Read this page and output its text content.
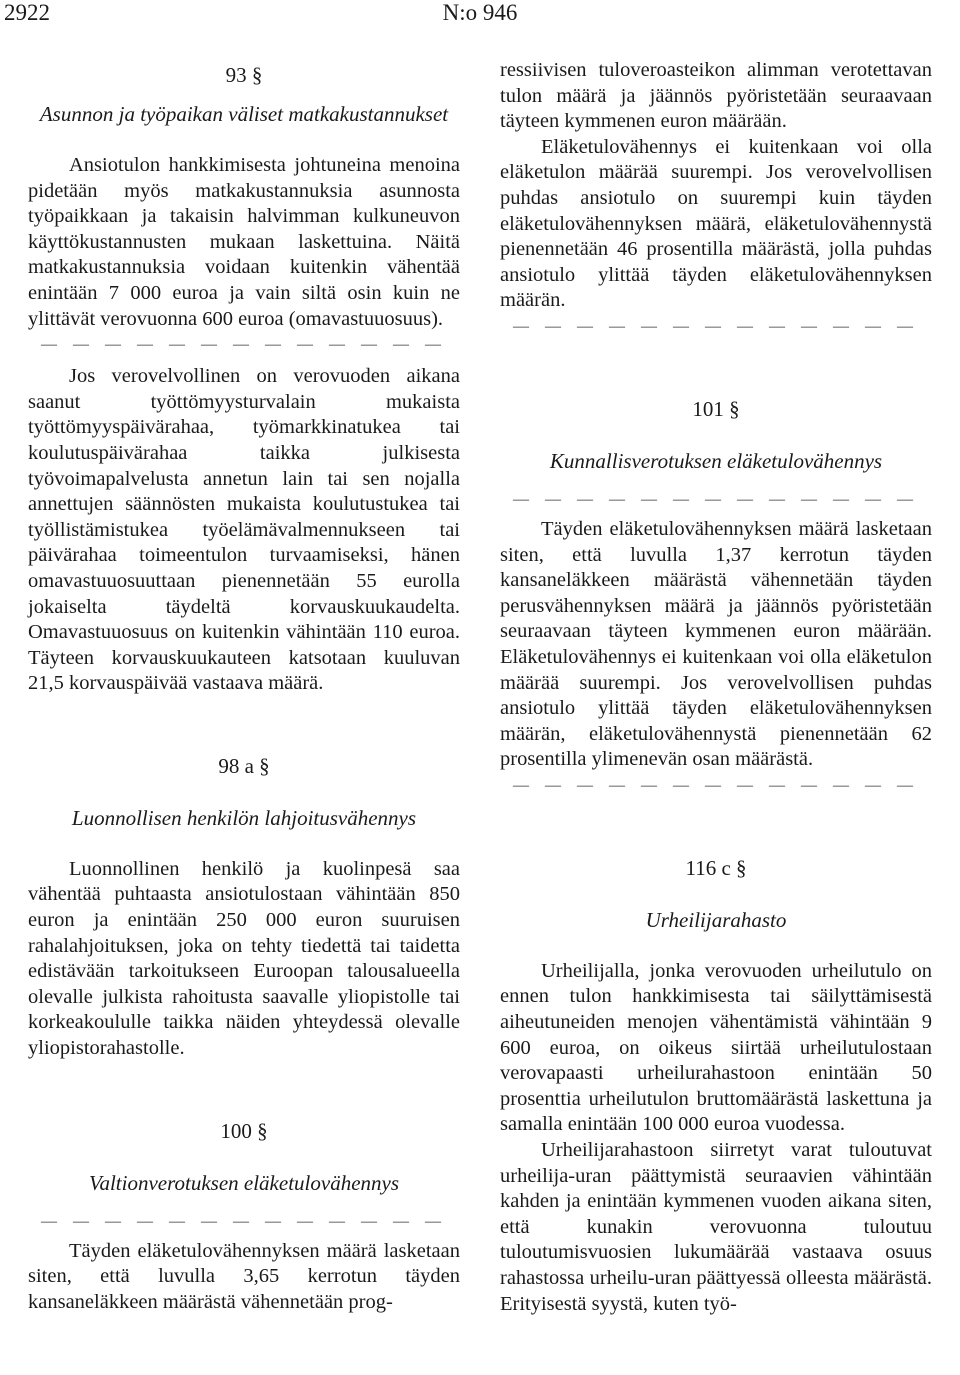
2922	N:o 946
93 §
Asunnon ja työpaikan väliset matkakustannukset

Ansiotulon hankkimisesta johtuneina menoina pidetään myös matkakustannuksia asunnosta työpaikkaan ja takaisin halvimman kulkuneuvon käyttökustannusten mukaan laskettuina. Näitä matkakustannuksia voidaan kuitenkin vähentää enintään 7 000 euroa ja vain siltä osin kuin ne ylittävät verovuonna 600 euroa (omavastuuosuus).

— — — — — — — — — — — — —

Jos verovelvollinen on verovuoden aikana saanut työttömyysturvalain mukaista työttömyyspäivärahaa, työmarkkinatukea tai koulutuspäivärahaa taikka julkisesta työvoimapalvelusta annetun lain tai sen nojalla annettujen säännösten mukaista koulutustukea tai työllistämistukea työelämävalmennukseen tai päivärahaa toimeentulon turvaamiseksi, hänen omavastuuosuuttaan pienennetään 55 eurolla jokaiselta täydeltä korvauskuukaudelta. Omavastuuosuus on kuitenkin vähintään 110 euroa. Täyteen korvauskuukauteen katsotaan kuuluvan 21,5 korvauspäivää vastaava määrä.

98 a §
Luonnollisen henkilön lahjoitusvähennys

Luonnollinen henkilö ja kuolinpesä saa vähentää puhtaasta ansiotulostaan vähintään 850 euron ja enintään 250 000 euron suuruisen rahalahjoituksen, joka on tehty tiedettä tai taidetta edistävään tarkoitukseen Euroopan talousalueella olevalle julkista rahoitusta saavalle yliopistolle tai korkeakoululle taikka näiden yhteydessä olevalle yliopistorahastolle.

100 §
Valtionverotuksen eläketulovähennys
— — — — — — — — — — — — —

Täyden eläketulovähennyksen määrä lasketaan siten, että luvulla 3,65 kerrotun täyden kansaneläkkeen määrästä vähennetään prog-

ressiivisen tuloveroasteikon alimman verotettavan tulon määrä ja jäännös pyöristetään seuraavaan täyteen kymmenen euron määrään.

Eläketulovähennys ei kuitenkaan voi olla eläketulon määrää suurempi. Jos verovelvollisen puhdas ansiotulo on suurempi kuin täyden eläketulovähennyksen määrä, eläketulovähennystä pienennetään 46 prosentilla määrästä, jolla puhdas ansiotulo ylittää täyden eläketulovähennyksen määrän.

— — — — — — — — — — — — —
101 §
Kunnallisverotuksen eläketulovähennys
— — — — — — — — — — — — —

Täyden eläketulovähennyksen määrä lasketaan siten, että luvulla 1,37 kerrotun täyden kansaneläkkeen määrästä vähennetään täyden perusvähennyksen määrä ja jäännös pyöristetään seuraavaan täyteen kymmenen euron määrään. Eläketulovähennys ei kuitenkaan voi olla eläketulon määrää suurempi. Jos verovelvollisen puhdas ansiotulo ylittää täyden eläketulovähennyksen määrän, eläketulovähennystä pienennetään 62 prosentilla ylimenevän osan määrästä.

— — — — — — — — — — — — —
116 c §
Urheilijarahasto

Urheilijalla, jonka verovuoden urheilutulo on ennen tulon hankkimisesta tai säilyttämisestä aiheutuneiden menojen vähentämistä vähintään 9 600 euroa, on oikeus siirtää urheilutulostaan verovapaasti urheilurahastoon enintään 50 prosenttia urheilutulon bruttomäärästä laskettuna ja samalla enintään 100 000 euroa vuodessa.

Urheilijarahastoon siirretyt varat tuloutuvat urheilija-uran päättymistä seuraavien vähintään kahden ja enintään kymmenen vuoden aikana siten, että kunakin verovuonna tuloutuu tuloutumisvuosien lukumäärää vastaava osuus rahastossa urheilu-uran päättyessä olleesta määrästä. Erityisestä syystä, kuten työ-
